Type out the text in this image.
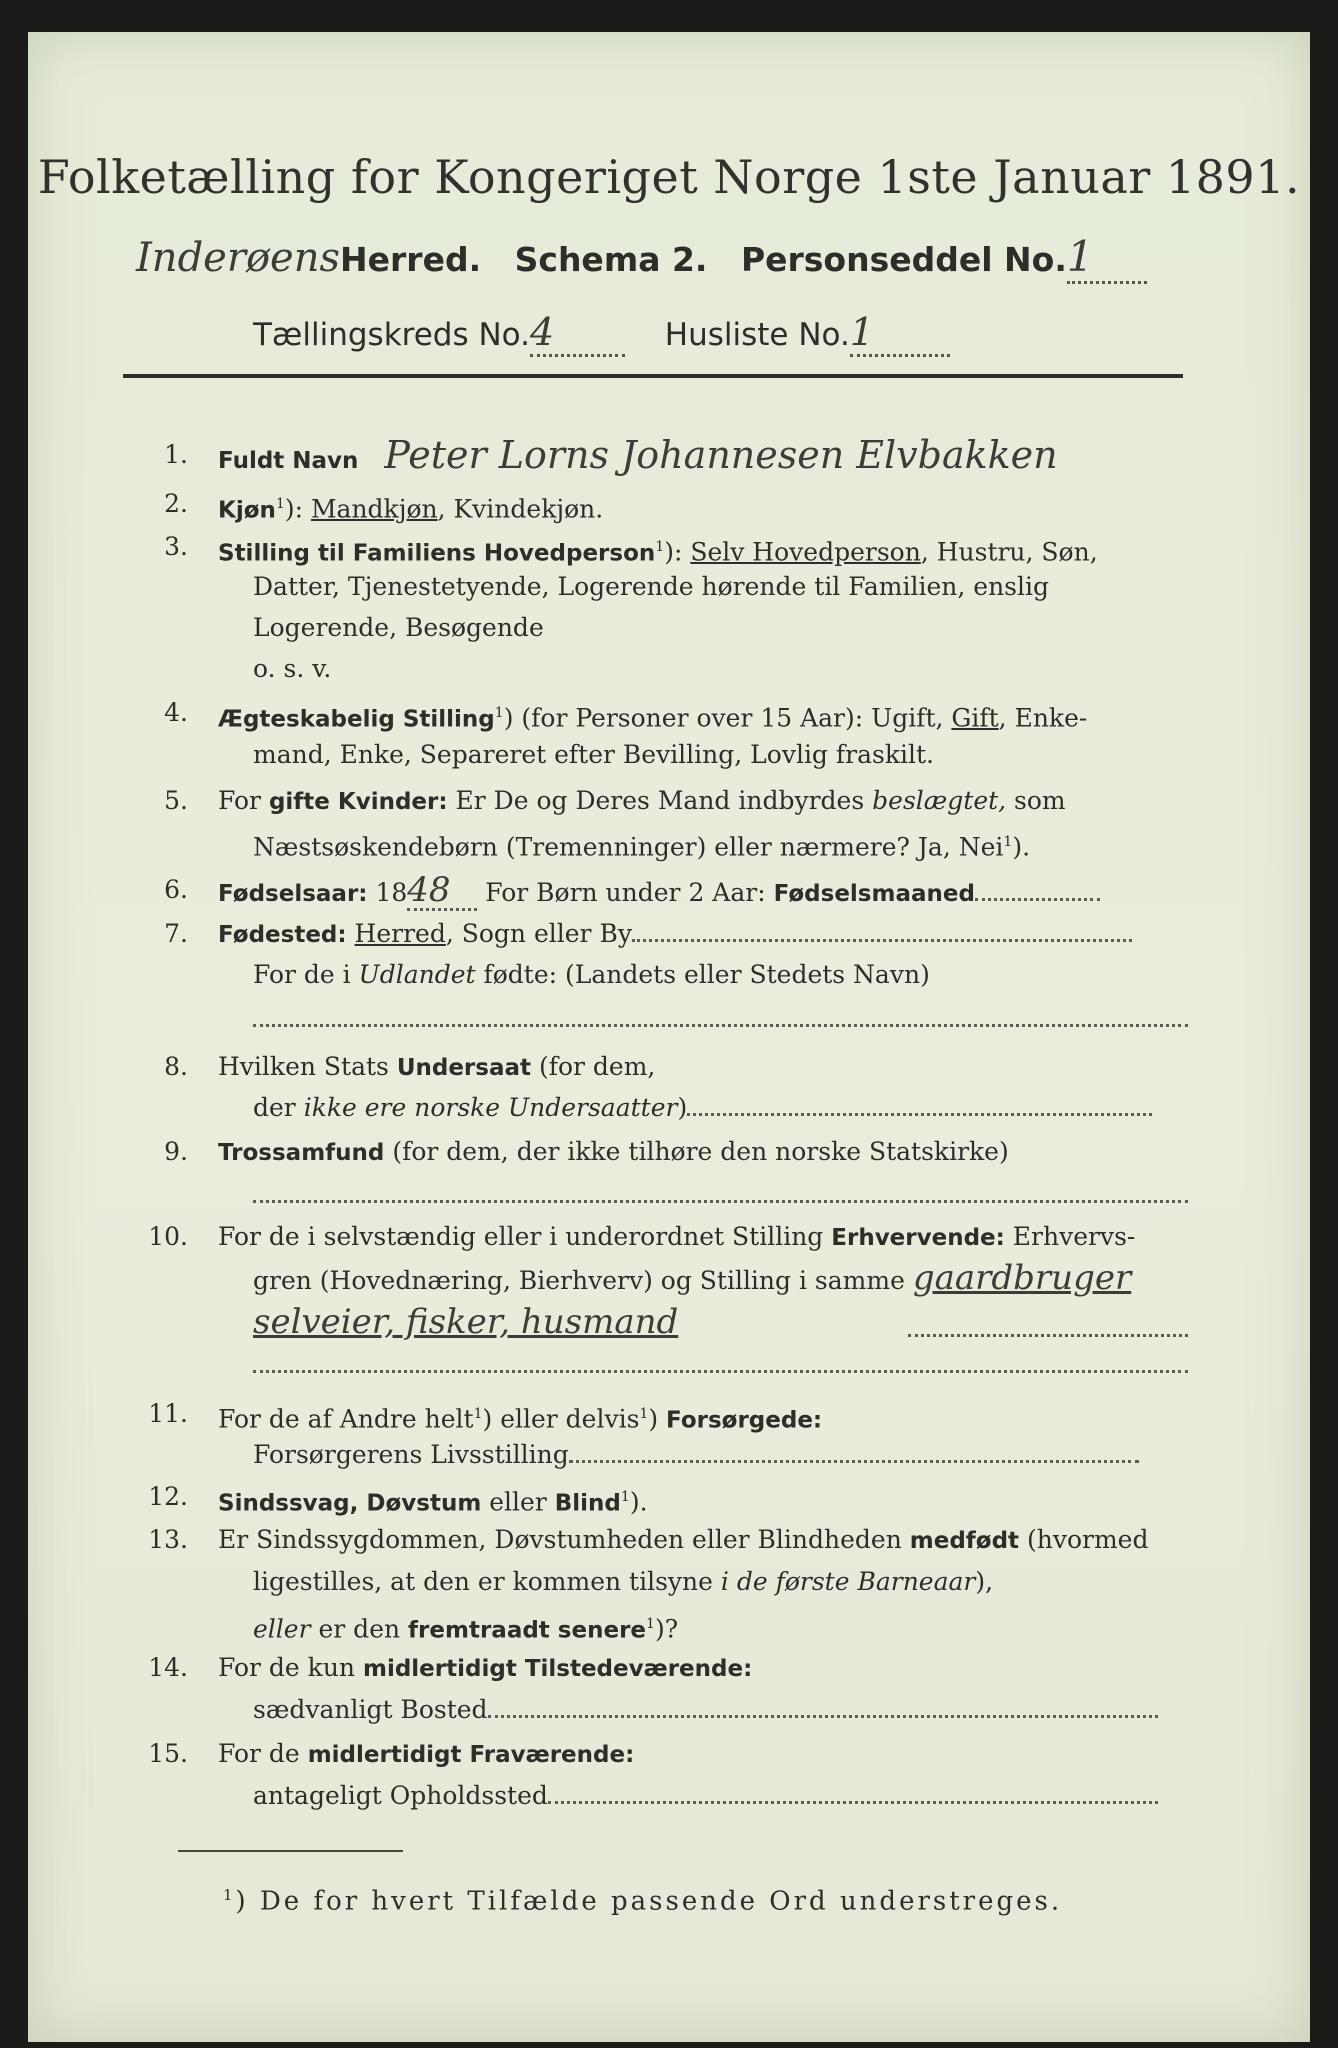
Folketælling for Kongeriget Norge 1ste Januar 1891.
InderøensHerred. Schema 2. Personseddel No.1
Tællingskreds No.4	Husliste No.1
1. Fuldt Navn Peter Lorns Johannesen Elvbakken
2. Kjøn$^1$): Mandkjøn, Kvindekjøn.
3. Stilling til Familiens Hovedperson$^1$): Selv Hovedperson, Hustru, Søn,
Datter, Tjenestetyende, Logerende hørende til Familien, enslig
Logerende, Besøgende
o. s. v.
4. Ægteskabelig Stilling$^1$) (for Personer over 15 Aar): Ugift, Gift, Enke-
mand, Enke, Separeret efter Bevilling, Lovlig fraskilt.
5. For gifte Kvinder: Er De og Deres Mand indbyrdes beslægtet, som
Næstsøskendebørn (Tremenninger) eller nærmere? Ja, Nei$^1$).
6. Fødselsaar: 1848 For Børn under 2 Aar: Fødselsmaaned
7. Fødested: Herred, Sogn eller By
For de i Udlandet fødte: (Landets eller Stedets Navn)
8. Hvilken Stats Undersaat (for dem,
der ikke ere norske Undersaatter)
9. Trossamfund (for dem, der ikke tilhøre den norske Statskirke)
10. For de i selvstændig eller i underordnet Stilling Erhvervende: Erhvervs-
gren (Hovednæring, Bierhverv) og Stilling i samme gaardbruger
selveier, fisker, husmand
11. For de af Andre helt$^1$) eller delvis$^1$) Forsørgede:
Forsørgerens Livsstilling
12. Sindssvag, Døvstum eller Blind$^1$).
13. Er Sindssygdommen, Døvstumheden eller Blindheden medfødt (hvormed
ligestilles, at den er kommen tilsyne i de første Barneaar),
eller er den fremtraadt senere$^1$)?
14. For de kun midlertidigt Tilstedeværende:
sædvanligt Bosted
15. For de midlertidigt Fraværende:
antageligt Opholdssted
$^1$) De for hvert Tilfælde passende Ord understreges.
